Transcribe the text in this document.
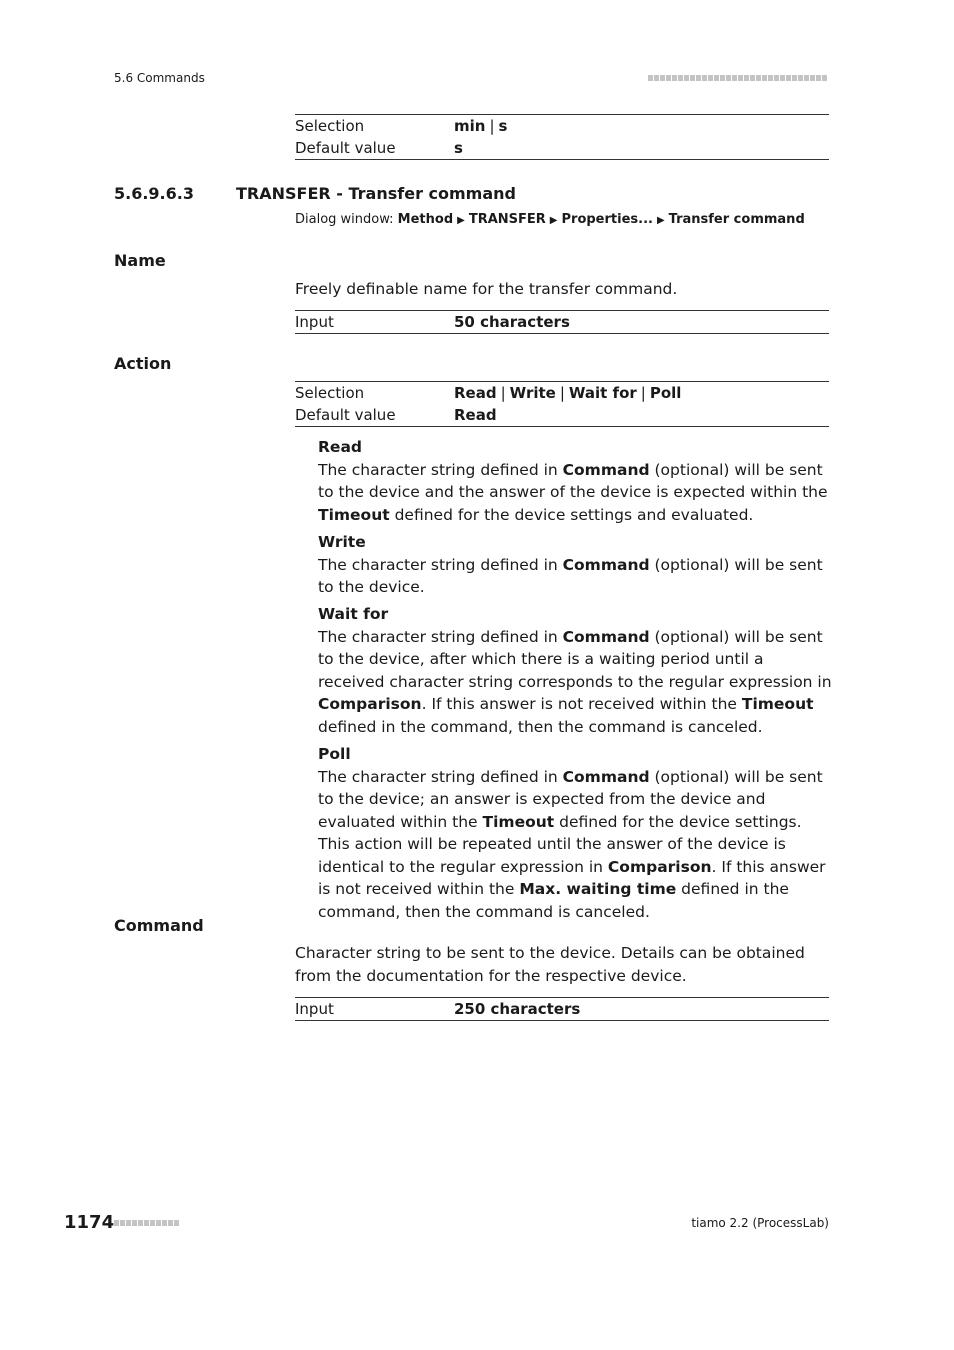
5.6 Commands
Selection	min | s
Default value	s
5.6.9.6.3	TRANSFER - Transfer command
Dialog window: Method ▶ TRANSFER ▶ Properties... ▶ Transfer command
Name
Freely definable name for the transfer command.
Input	50 characters
Action
Selection	Read | Write | Wait for | Poll
Default value	Read
Read
The character string defined in Command (optional) will be sent to the device and the answer of the device is expected within the Timeout defined for the device settings and evaluated.
Write
The character string defined in Command (optional) will be sent to the device.
Wait for
The character string defined in Command (optional) will be sent to the device, after which there is a waiting period until a received character string corresponds to the regular expression in Comparison. If this answer is not received within the Timeout defined in the command, then the command is canceled.
Poll
The character string defined in Command (optional) will be sent to the device; an answer is expected from the device and evaluated within the Timeout defined for the device settings. This action will be repeated until the answer of the device is identical to the regular expression in Comparison. If this answer is not received within the Max. waiting time defined in the command, then the command is canceled.
Command
Character string to be sent to the device. Details can be obtained from the documentation for the respective device.
Input	250 characters
1174	tiamo 2.2 (ProcessLab)
